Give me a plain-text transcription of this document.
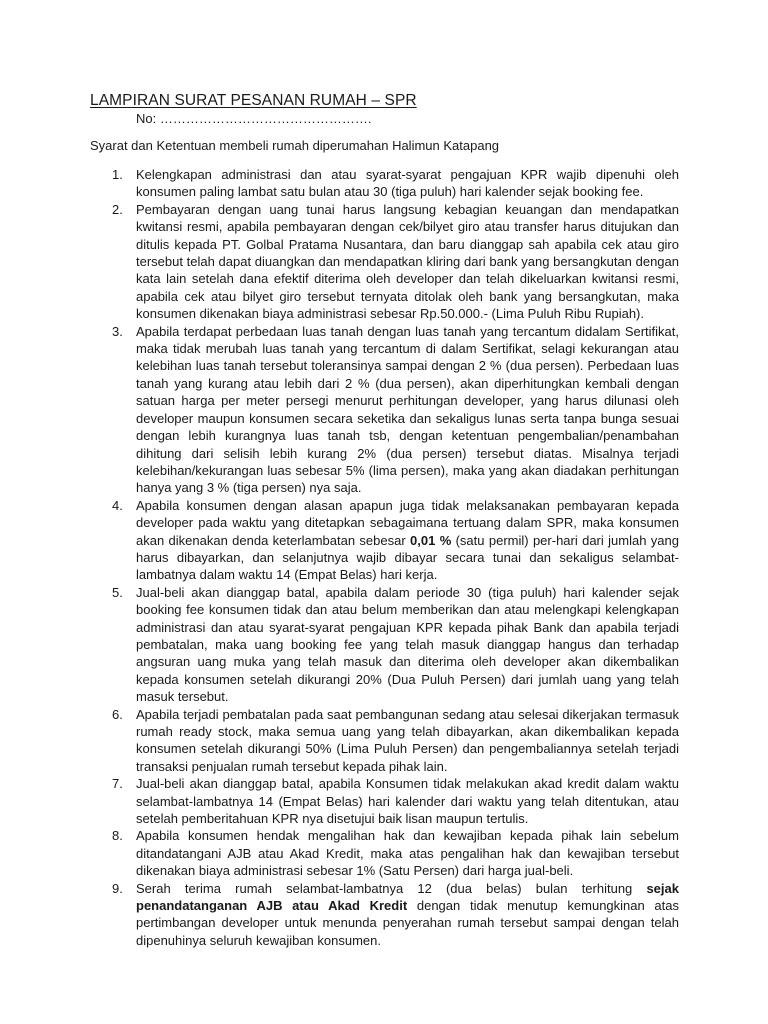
LAMPIRAN SURAT PESANAN RUMAH – SPR
No: ………………………………………….
Syarat dan Ketentuan membeli rumah diperumahan Halimun Katapang
1. Kelengkapan administrasi dan atau syarat-syarat pengajuan KPR wajib dipenuhi oleh konsumen paling lambat satu bulan atau 30 (tiga puluh) hari kalender sejak booking fee.
2. Pembayaran dengan uang tunai harus langsung kebagian keuangan dan mendapatkan kwitansi resmi, apabila pembayaran dengan cek/bilyet giro atau transfer harus ditujukan dan ditulis kepada PT. Golbal Pratama Nusantara, dan baru dianggap sah apabila cek atau giro tersebut telah dapat diuangkan dan mendapatkan kliring dari bank yang bersangkutan dengan kata lain setelah dana efektif diterima oleh developer dan telah dikeluarkan kwitansi resmi, apabila cek atau bilyet giro tersebut ternyata ditolak oleh bank yang bersangkutan, maka konsumen dikenakan biaya administrasi sebesar Rp.50.000.- (Lima Puluh Ribu Rupiah).
3. Apabila terdapat perbedaan luas tanah dengan luas tanah yang tercantum didalam Sertifikat, maka tidak merubah luas tanah yang tercantum di dalam Sertifikat, selagi kekurangan atau kelebihan luas tanah tersebut toleransinya sampai dengan 2 % (dua persen). Perbedaan luas tanah yang kurang atau lebih dari 2 % (dua persen), akan diperhitungkan kembali dengan satuan harga per meter persegi menurut perhitungan developer, yang harus dilunasi oleh developer maupun konsumen secara seketika dan sekaligus lunas serta tanpa bunga sesuai dengan lebih kurangnya luas tanah tsb, dengan ketentuan pengembalian/penambahan dihitung dari selisih lebih kurang 2% (dua persen) tersebut diatas. Misalnya terjadi kelebihan/kekurangan luas sebesar 5% (lima persen), maka yang akan diadakan perhitungan hanya yang 3 % (tiga persen) nya saja.
4. Apabila konsumen dengan alasan apapun juga tidak melaksanakan pembayaran kepada developer pada waktu yang ditetapkan sebagaimana tertuang dalam SPR, maka konsumen akan dikenakan denda keterlambatan sebesar 0,01 % (satu permil) per-hari dari jumlah yang harus dibayarkan, dan selanjutnya wajib dibayar secara tunai dan sekaligus selambat-lambatnya dalam waktu 14 (Empat Belas) hari kerja.
5. Jual-beli akan dianggap batal, apabila dalam periode 30 (tiga puluh) hari kalender sejak booking fee konsumen tidak dan atau belum memberikan dan atau melengkapi kelengkapan administrasi dan atau syarat-syarat pengajuan KPR kepada pihak Bank dan apabila terjadi pembatalan, maka uang booking fee yang telah masuk dianggap hangus dan terhadap angsuran uang muka yang telah masuk dan diterima oleh developer akan dikembalikan kepada konsumen setelah dikurangi 20% (Dua Puluh Persen) dari jumlah uang yang telah masuk tersebut.
6. Apabila terjadi pembatalan pada saat pembangunan sedang atau selesai dikerjakan termasuk rumah ready stock, maka semua uang yang telah dibayarkan, akan dikembalikan kepada konsumen setelah dikurangi 50% (Lima Puluh Persen) dan pengembaliannya setelah terjadi transaksi penjualan rumah tersebut kepada pihak lain.
7. Jual-beli akan dianggap batal, apabila Konsumen tidak melakukan akad kredit dalam waktu selambat-lambatnya 14 (Empat Belas) hari kalender dari waktu yang telah ditentukan, atau setelah pemberitahuan KPR nya disetujui baik lisan maupun tertulis.
8. Apabila konsumen hendak mengalihan hak dan kewajiban kepada pihak lain sebelum ditandatangani AJB atau Akad Kredit, maka atas pengalihan hak dan kewajiban tersebut dikenakan biaya administrasi sebesar 1% (Satu Persen) dari harga jual-beli.
9. Serah terima rumah selambat-lambatnya 12 (dua belas) bulan terhitung sejak penandatanganan AJB atau Akad Kredit dengan tidak menutup kemungkinan atas pertimbangan developer untuk menunda penyerahan rumah tersebut sampai dengan telah dipenuhinya seluruh kewajiban konsumen.
